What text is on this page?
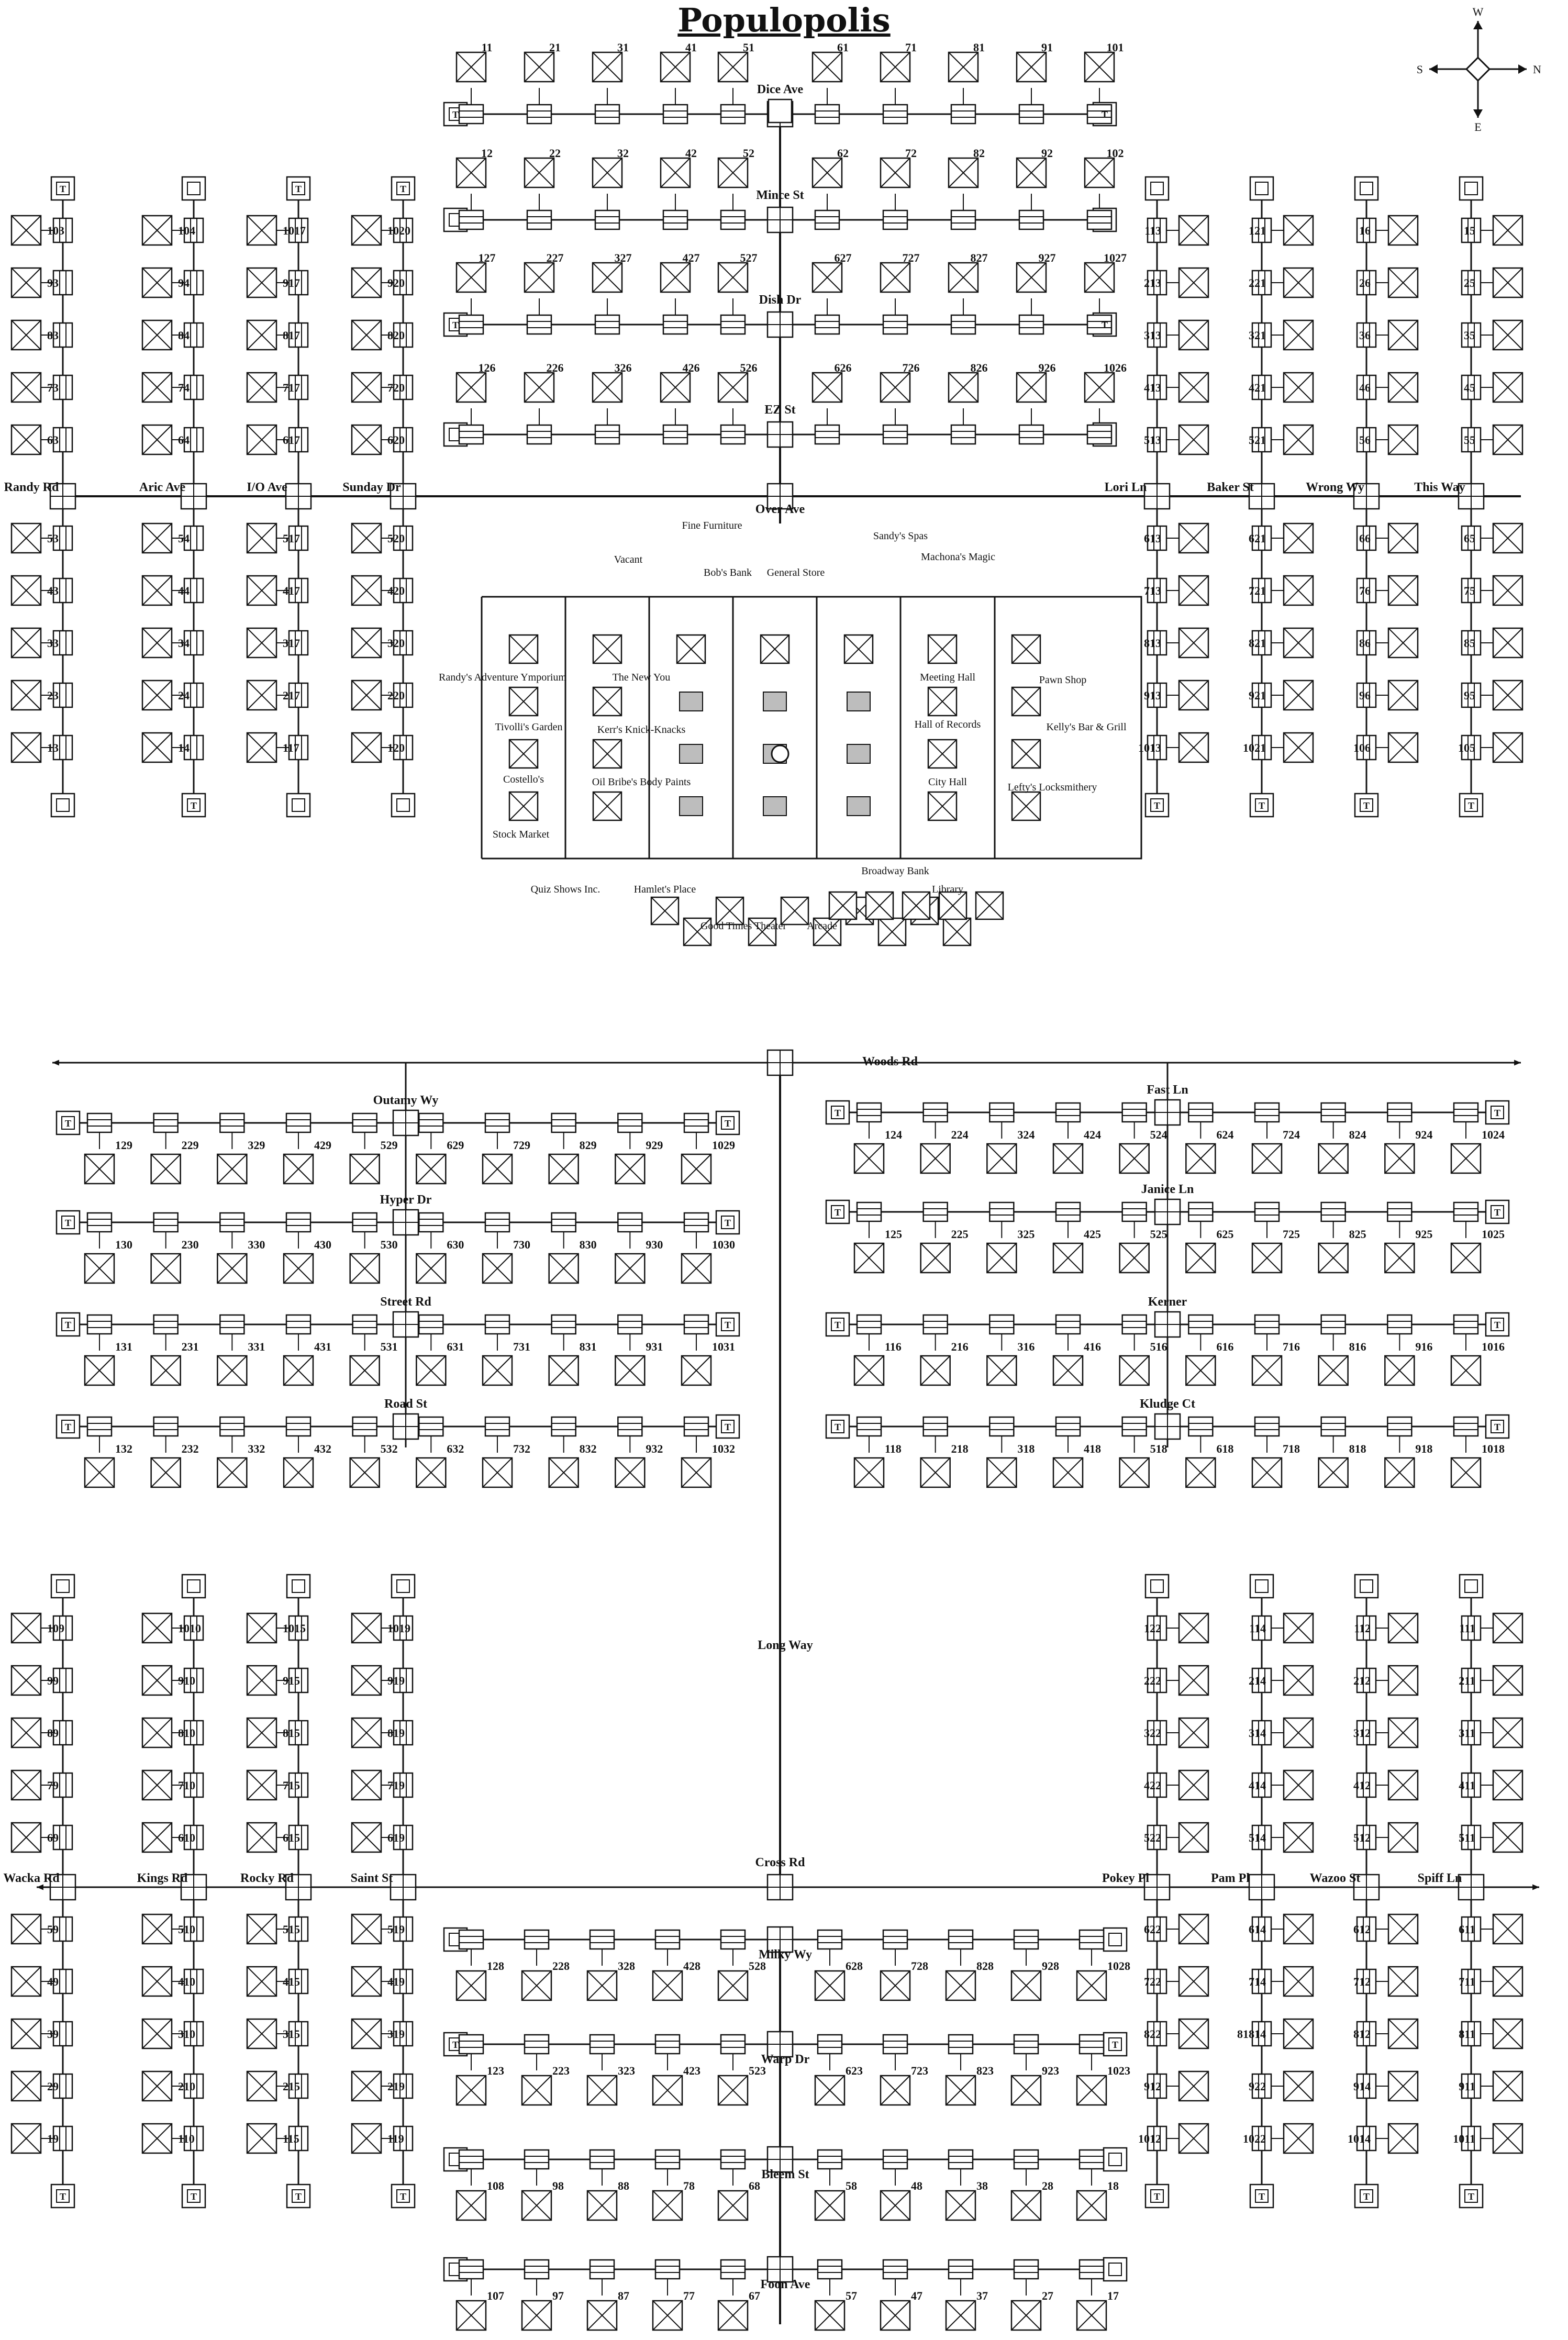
Over Ave
Woods Rd
Cross Rd
Long Way
T	T
11	21	31	41	51	61	71	81	91	101
Dice Ave
12	22	32	42	52	62	72	82	92	102
Mince St
T	T
127	227	327	427	527	627	727	827	927	1027
Dish Dr
126	226	326	426	526	626	726	826	926	1026
EZ St
T
103
53
93
43
83
33
73
23
63
13
Randy Rd
T
104
54
94
44
84
34
74
24
64
14
Aric Ave
T
1017
517
917
417
817
317
717
217
617
117
I/O Ave
T
1020
520
920
420
820
320
720
220
620
120
Sunday Dr
T
113
613
213
713
313
813
413
913
513
1013
Lori Ln
T
121
621
221
721
321
821
421
921
521
1021
Baker St
T
16
66
26
76
36
86
46
96
56
106
Wrong Wy
T
15
65
25
75
35
85
45
95
55
105
This Way
T
109
59
99
49
89
39
79
29
69
19
Wacka Rd
T
1010
510
910
410
810
310
710
210
610
110
Kings Rd
T
1015
515
915
415
815
315
715
215
615
115
Rocky Rd
T
1019
519
919
419
819
319
719
219
619
119
Saint St
T
122
622
222
722
322
822
422
912
522
1012
Pokey Pl
T
114
614
214
714
314
81814
414
922
514
1022
Pam Pl
T
112
612
212
712
312
812
412
914
512
1014
Wazoo St
T
111
611
211
711
311
811
411
911
511
1011
Spiff Ln
T	T
129	229	329	429	529	629	729	829	929	1029
Outamy Wy
T	T
130	230	330	430	530	630	730	830	930	1030
Hyper Dr
T	T
131	231	331	431	531	631	731	831	931	1031
Street Rd
T	T
132	232	332	432	532	632	732	832	932	1032
Road St
T	T
124	224	324	424	524	624	724	824	924	1024
Fast Ln
T	T
125	225	325	425	525	625	725	825	925	1025
Janice Ln
T	T
116	216	316	416	516	616	716	816	916	1016
Kerner
T	T
118	218	318	418	518	618	718	818	918	1018
Kludge Ct
128	228	328	428	528	628	728	828	928	1028
Milky Wy
T	T
123	223	323	423	523	623	723	823	923	1023
Warp Dr
108	98	88	78	68	58	48	38	28	18
Bleem St
107	97	87	77	67	57	47	37	27	17
Foon Ave
Fine Furniture
Vacant
Bob's Bank General Store
Sandy's Spas
Machona's Magic
Randy's Adventure Ymporium	The New You	Meeting Hall	Pawn Shop
Tivolli's Garden	Kerr's Knick-Knacks	Hall of Records	Kelly's Bar & Grill
Costello's	Oil Bribe's Body Paints	City Hall	Lefty's Locksmithery
Stock Market
Quiz Shows Inc.	Hamlet's Place
Broadway Bank
Library
Good Times Theater Arcade
W
E
S	N
Populopolis
